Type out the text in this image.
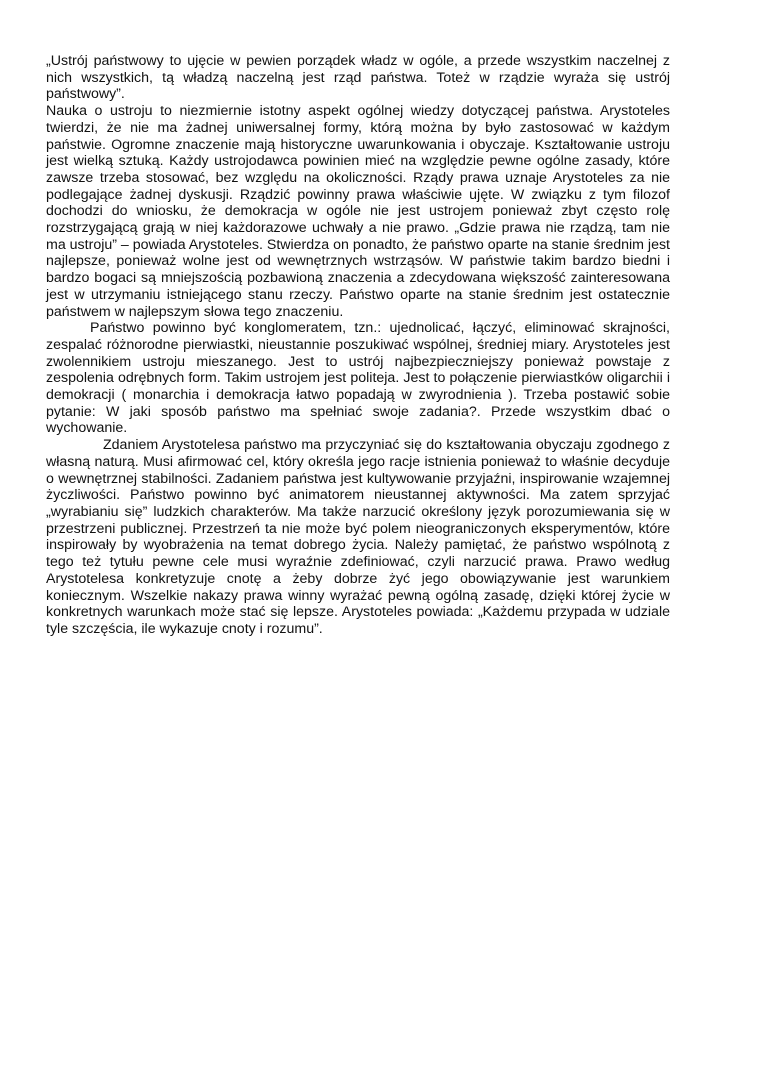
„Ustrój państwowy to ujęcie w pewien porządek władz w ogóle, a przede wszystkim naczelnej z nich wszystkich, tą władzą naczelną jest rząd państwa. Toteż w rządzie wyraża się ustrój państwowy”.

Nauka o ustroju to niezmiernie istotny aspekt ogólnej wiedzy dotyczącej państwa. Arystoteles twierdzi, że nie ma żadnej uniwersalnej formy, którą można by było zastosować w każdym państwie. Ogromne znaczenie mają historyczne uwarunkowania i obyczaje. Kształtowanie ustroju jest wielką sztuką. Każdy ustrojodawca powinien mieć na względzie pewne ogólne zasady, które zawsze trzeba stosować, bez względu na okoliczności. Rządy prawa uznaje Arystoteles za nie podlegające żadnej dyskusji. Rządzić powinny prawa właściwie ujęte. W związku z tym filozof dochodzi do wniosku, że demokracja w ogóle nie jest ustrojem ponieważ zbyt często rolę rozstrzygającą grają w niej każdorazowe uchwały a nie prawo. „Gdzie prawa nie rządzą, tam nie ma ustroju” – powiada Arystoteles. Stwierdza on ponadto, że państwo oparte na stanie średnim jest najlepsze, ponieważ wolne jest od wewnętrznych wstrząsów. W państwie takim bardzo biedni i bardzo bogaci są mniejszością pozbawioną znaczenia a zdecydowana większość zainteresowana jest w utrzymaniu istniejącego stanu rzeczy. Państwo oparte na stanie średnim jest ostatecznie państwem w najlepszym słowa tego znaczeniu.

Państwo powinno być konglomeratem, tzn.: ujednolicać, łączyć, eliminować skrajności, zespalać różnorodne pierwiastki, nieustannie poszukiwać wspólnej, średniej miary. Arystoteles jest zwolennikiem ustroju mieszanego. Jest to ustrój najbezpieczniejszy ponieważ powstaje z zespolenia odrębnych form. Takim ustrojem jest politeja. Jest to połączenie pierwiastków oligarchii i demokracji ( monarchia i demokracja łatwo popadają w zwyrodnienia ). Trzeba postawić sobie pytanie: W jaki sposób państwo ma spełniać swoje zadania?. Przede wszystkim dbać o wychowanie.

Zdaniem Arystotelesa państwo ma przyczyniać się do kształtowania obyczaju zgodnego z własną naturą. Musi afirmować cel, który określa jego racje istnienia ponieważ to właśnie decyduje o wewnętrznej stabilności. Zadaniem państwa jest kultywowanie przyjaźni, inspirowanie wzajemnej życzliwości. Państwo powinno być animatorem nieustannej aktywności. Ma zatem sprzyjać „wyrabianiu się” ludzkich charakterów. Ma także narzucić określony język porozumiewania się w przestrzeni publicznej. Przestrzeń ta nie może być polem nieograniczonych eksperymentów, które inspirowały by wyobrażenia na temat dobrego życia. Należy pamiętać, że państwo wspólnotą z tego też tytułu pewne cele musi wyraźnie zdefiniować, czyli narzucić prawa. Prawo według Arystotelesa konkretyzuje cnotę a żeby dobrze żyć jego obowiązywanie jest warunkiem koniecznym. Wszelkie nakazy prawa winny wyrażać pewną ogólną zasadę, dzięki której życie w konkretnych warunkach może stać się lepsze. Arystoteles powiada: „Każdemu przypada w udziale tyle szczęścia, ile wykazuje cnoty i rozumu”.
